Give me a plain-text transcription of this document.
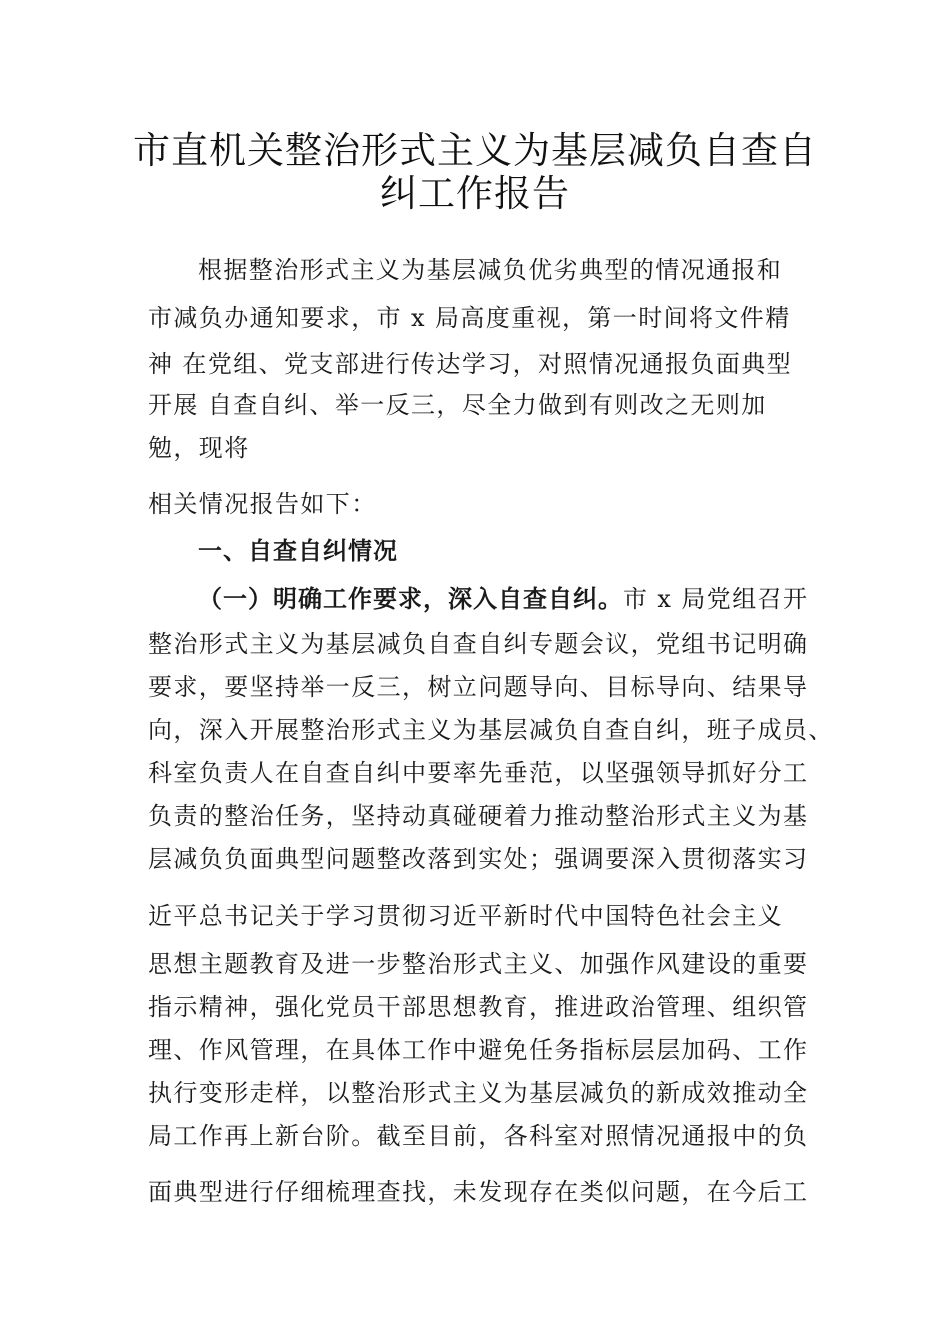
市直机关整治形式主义为基层减负自查自
纠工作报告
根据整治形式主义为基层减负优劣典型的情况通报和
市减负办通知要求，市 x 局高度重视，第一时间将文件精
神 在党组、党支部进行传达学习，对照情况通报负面典型
开展 自查自纠、举一反三，尽全力做到有则改之无则加
勉，现将
相关情况报告如下：
一、自查自纠情况
（一）明确工作要求，深入自查自纠。市 x 局党组召开
整治形式主义为基层减负自查自纠专题会议，党组书记明确
要求，要坚持举一反三，树立问题导向、目标导向、结果导
向，深入开展整治形式主义为基层减负自查自纠，班子成员、
科室负责人在自查自纠中要率先垂范，以坚强领导抓好分工
负责的整治任务，坚持动真碰硬着力推动整治形式主义为基
层减负负面典型问题整改落到实处；强调要深入贯彻落实习
近平总书记关于学习贯彻习近平新时代中国特色社会主义
思想主题教育及进一步整治形式主义、加强作风建设的重要
指示精神，强化党员干部思想教育，推进政治管理、组织管
理、作风管理，在具体工作中避免任务指标层层加码、工作
执行变形走样，以整治形式主义为基层减负的新成效推动全
局工作再上新台阶。截至目前，各科室对照情况通报中的负
面典型进行仔细梳理查找，未发现存在类似问题，在今后工
